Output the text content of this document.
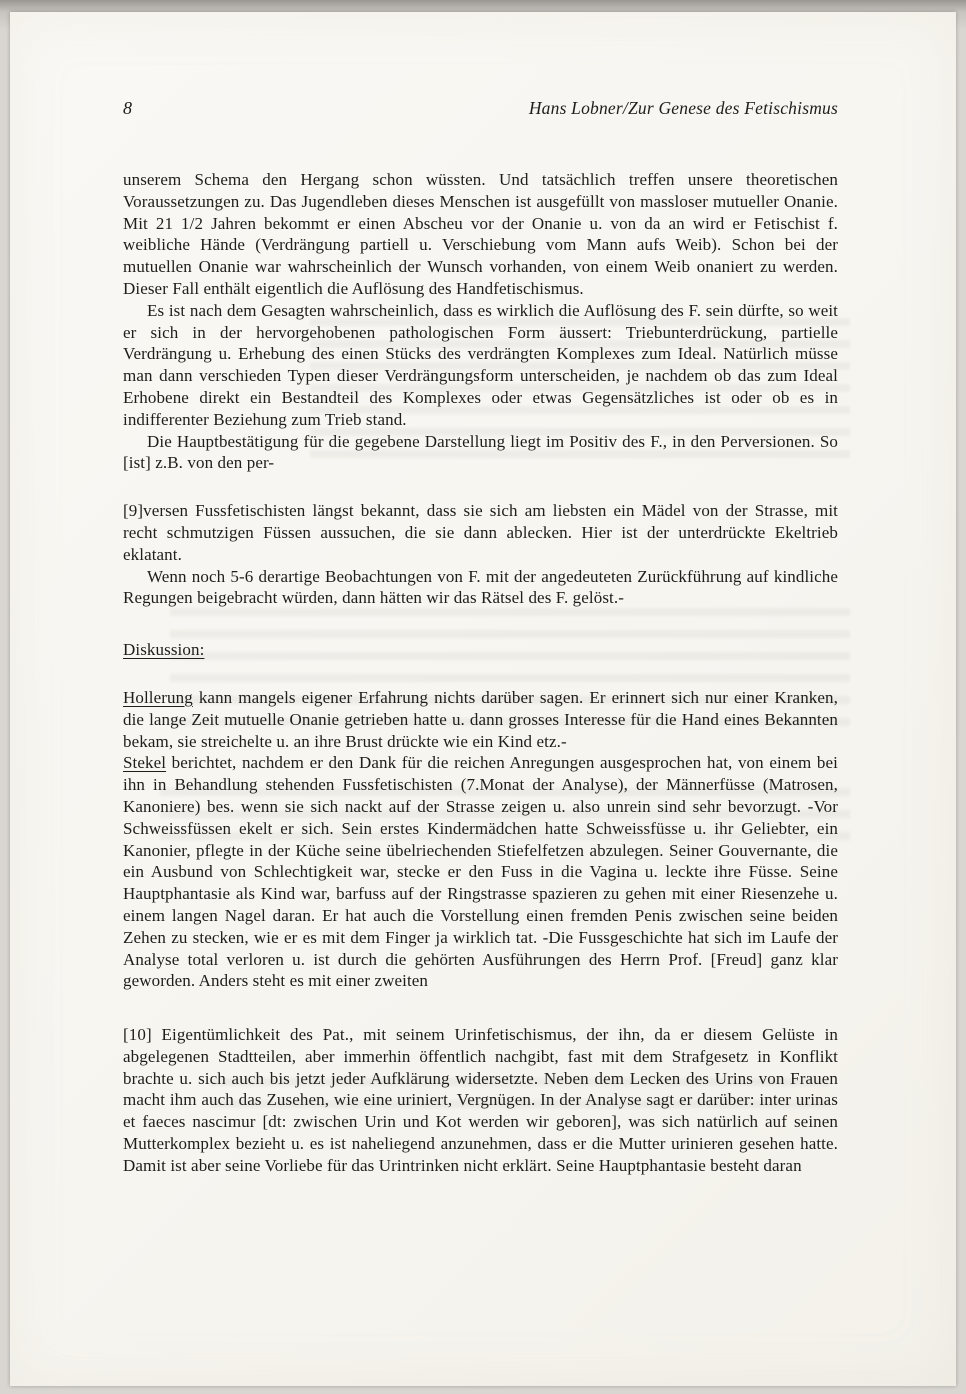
8	Hans Lobner/Zur Genese des Fetischismus

unserem Schema den Hergang schon wüssten. Und tatsächlich treffen unsere theoretischen Voraussetzungen zu. Das Jugendleben dieses Menschen ist ausgefüllt von massloser mutueller Onanie. Mit 21 1/2 Jahren bekommt er einen Abscheu vor der Onanie u. von da an wird er Fetischist f. weibliche Hände (Verdrängung partiell u. Verschiebung vom Mann aufs Weib). Schon bei der mutuellen Onanie war wahrscheinlich der Wunsch vorhanden, von einem Weib onaniert zu werden. Dieser Fall enthält eigentlich die Auflösung des Handfetischismus.

Es ist nach dem Gesagten wahrscheinlich, dass es wirklich die Auflösung des F. sein dürfte, so weit er sich in der hervorgehobenen pathologischen Form äussert: Triebunterdrückung, partielle Verdrängung u. Erhebung des einen Stücks des verdrängten Komplexes zum Ideal. Natürlich müsse man dann verschieden Typen dieser Verdrängungsform unterscheiden, je nachdem ob das zum Ideal Erhobene direkt ein Bestandteil des Komplexes oder etwas Gegensätzliches ist oder ob es in indifferenter Beziehung zum Trieb stand.

Die Hauptbestätigung für die gegebene Darstellung liegt im Positiv des F., in den Perversionen. So [ist] z.B. von den per-

[9]versen Fussfetischisten längst bekannt, dass sie sich am liebsten ein Mädel von der Strasse, mit recht schmutzigen Füssen aussuchen, die sie dann ablecken. Hier ist der unterdrückte Ekeltrieb eklatant.

Wenn noch 5-6 derartige Beobachtungen von F. mit der angedeuteten Zurückführung auf kindliche Regungen beigebracht würden, dann hätten wir das Rätsel des F. gelöst.-

Diskussion:

Hollerung kann mangels eigener Erfahrung nichts darüber sagen. Er erinnert sich nur einer Kranken, die lange Zeit mutuelle Onanie getrieben hatte u. dann grosses Interesse für die Hand eines Bekannten bekam, sie streichelte u. an ihre Brust drückte wie ein Kind etz.-

Stekel berichtet, nachdem er den Dank für die reichen Anregungen ausgesprochen hat, von einem bei ihn in Behandlung stehenden Fussfetischisten (7.Monat der Analyse), der Männerfüsse (Matrosen, Kanoniere) bes. wenn sie sich nackt auf der Strasse zeigen u. also unrein sind sehr bevorzugt. -Vor Schweissfüssen ekelt er sich. Sein erstes Kindermädchen hatte Schweissfüsse u. ihr Geliebter, ein Kanonier, pflegte in der Küche seine übelriechenden Stiefelfetzen abzulegen. Seiner Gouvernante, die ein Ausbund von Schlechtigkeit war, stecke er den Fuss in die Vagina u. leckte ihre Füsse. Seine Hauptphantasie als Kind war, barfuss auf der Ringstrasse spazieren zu gehen mit einer Riesenzehe u. einem langen Nagel daran. Er hat auch die Vorstellung einen fremden Penis zwischen seine beiden Zehen zu stecken, wie er es mit dem Finger ja wirklich tat. -Die Fussgeschichte hat sich im Laufe der Analyse total verloren u. ist durch die gehörten Ausführungen des Herrn Prof. [Freud] ganz klar geworden. Anders steht es mit einer zweiten

[10] Eigentümlichkeit des Pat., mit seinem Urinfetischismus, der ihn, da er diesem Gelüste in abgelegenen Stadtteilen, aber immerhin öffentlich nachgibt, fast mit dem Strafgesetz in Konflikt brachte u. sich auch bis jetzt jeder Aufklärung widersetzte. Neben dem Lecken des Urins von Frauen macht ihm auch das Zusehen, wie eine uriniert, Vergnügen. In der Analyse sagt er darüber: inter urinas et faeces nascimur [dt: zwischen Urin und Kot werden wir geboren], was sich natürlich auf seinen Mutterkomplex bezieht u. es ist naheliegend anzunehmen, dass er die Mutter urinieren gesehen hatte. Damit ist aber seine Vorliebe für das Urintrinken nicht erklärt. Seine Hauptphantasie besteht daran
